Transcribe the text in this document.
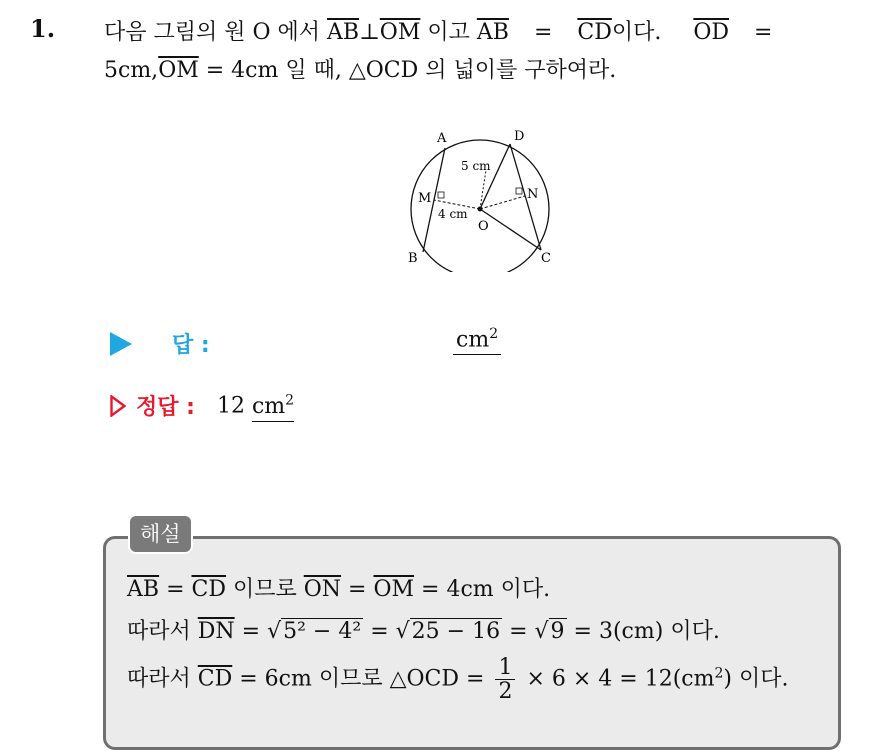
1. 다음 그림의 원 O 에서 $\overline{AB}\perp\overline{OM}$ 이고 $\overline{AB} = \overline{CD}$이다. $\overline{OD}$ =
$5cm,\overline{OM} = 4cm$ 일 때, △OCD 의 넓이를 구하여라.
A	D
M	N
O
B	C
5 cm
4 cm
답 :	$cm^2$
정답 : 12 $cm^2$
해설
$\overline{AB} = \overline{CD}$ 이므로 $\overline{ON} = \overline{OM} = 4cm$ 이다.
따라서 $\overline{DN} = √5^2 - 4^2 = √25 - 16 = √9 = 3(cm)$ 이다.
따라서 $\overline{CD} = 6cm$ 이므로 △OCD = $\frac{1}{2} \times 6 \times 4 = 12(cm^2)$ 이다.
